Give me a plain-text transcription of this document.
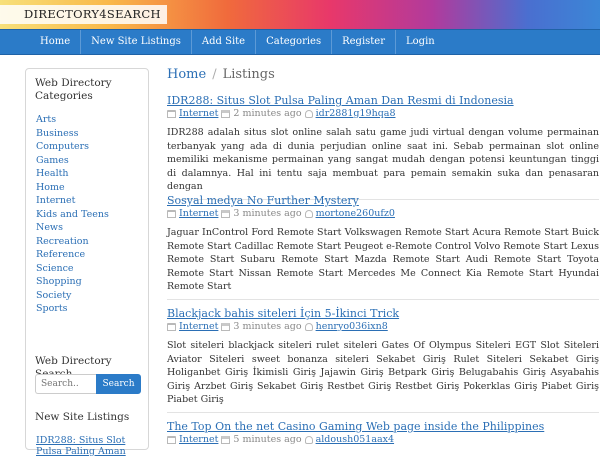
DIRECTORY4SEARCH
Home	New Site Listings	Add Site	Categories	Register	Login
Web Directory Categories
Arts
Business
Computers
Games
Health
Home
Internet
Kids and Teens
News
Recreation
Reference
Science
Shopping
Society
Sports
Web Directory
Search..
Search
New Site Listings
IDR288: Situs Slot Pulsa Paling Aman
Home / Listings
IDR288: Situs Slot Pulsa Paling Aman Dan Resmi di Indonesia
Internet 2 minutes ago idr2881g19hqa8
IDR288 adalah situs slot online salah satu game judi virtual dengan volume permainan terbanyak yang ada di dunia perjudian online saat ini. Sebab permainan slot online memiliki mekanisme permainan yang sangat mudah dengan potensi keuntungan tinggi di dalamnya. Hal ini tentu saja membuat para pemain semakin suka dan penasaran dengan
Sosyal medya No Further Mystery
Internet 3 minutes ago mortone260ufz0
Jaguar InControl Ford Remote Start Volkswagen Remote Start Acura Remote Start Buick Remote Start Cadillac Remote Start Peugeot e-Remote Control Volvo Remote Start Lexus Remote Start Subaru Remote Start Mazda Remote Start Audi Remote Start Toyota Remote Start Nissan Remote Start Mercedes Me Connect Kia Remote Start Hyundai Remote Start
Blackjack bahis siteleri İçin 5-İkinci Trick
Internet 3 minutes ago henryo036ixn8
Slot siteleri blackjack siteleri rulet siteleri Gates Of Olympus Siteleri EGT Slot Siteleri Aviator Siteleri sweet bonanza siteleri Sekabet Giriş Rulet Siteleri Sekabet Giriş Holiganbet Giriş İkimisli Giriş Jajawin Giriş Betpark Giriş Belugabahis Giriş Asyabahis Giriş Arzbet Giriş Sekabet Giriş Restbet Giriş Restbet Giriş Pokerklas Giriş Piabet Giriş Piabet Giriş
The Top On the net Casino Gaming Web page inside the Philippines
Internet 5 minutes ago aldoush051aax4
